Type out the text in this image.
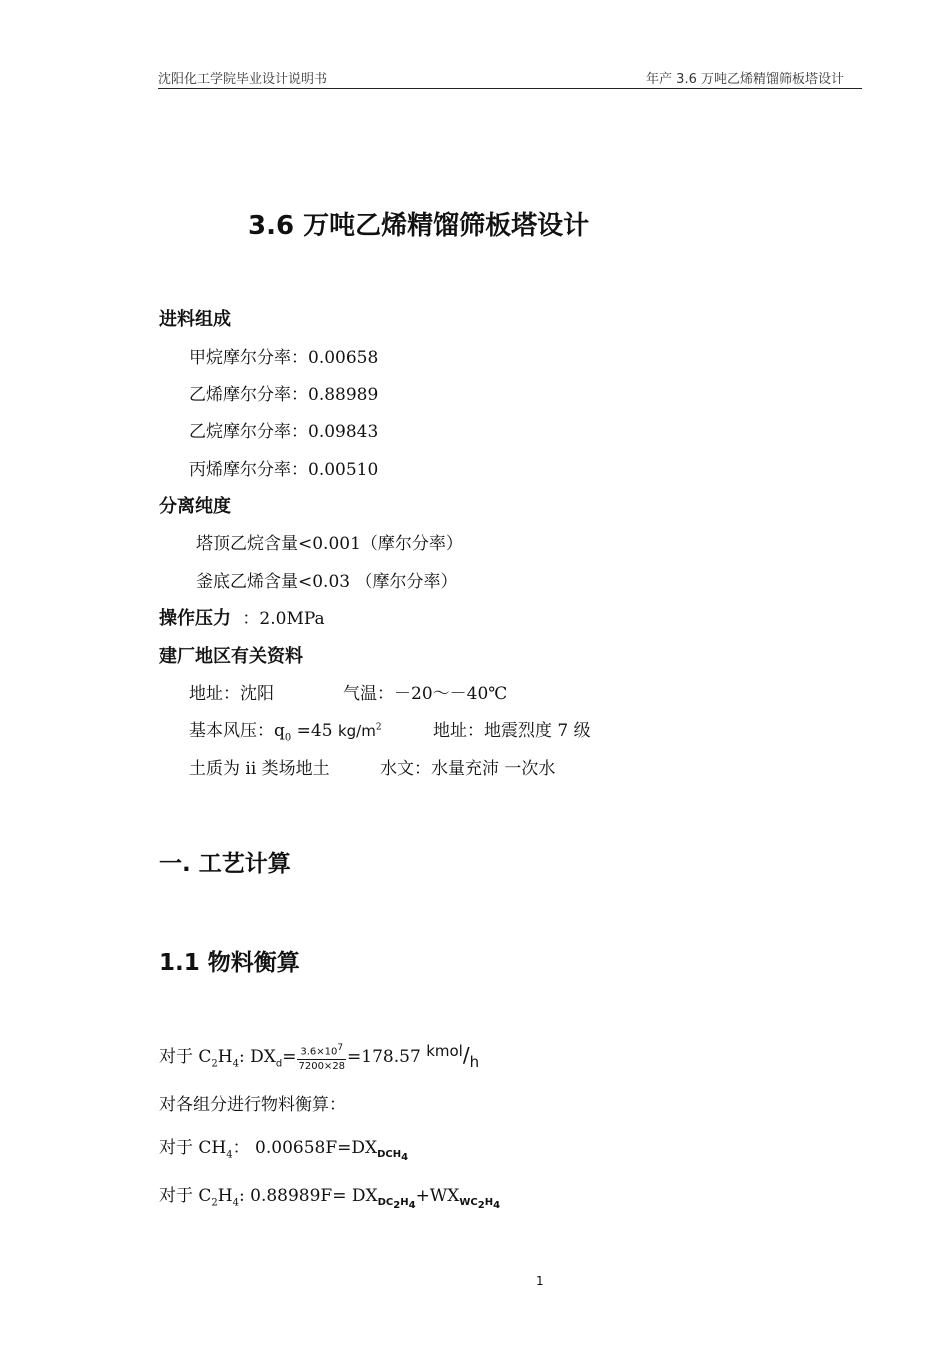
沈阳化工学院毕业设计说明书	年产 3.6 万吨乙烯精馏筛板塔设计
3.6 万吨乙烯精馏筛板塔设计
进料组成
甲烷摩尔分率：0.00658
乙烯摩尔分率：0.88989
乙烷摩尔分率：0.09843
丙烯摩尔分率：0.00510
分离纯度
塔顶乙烷含量<0.001（摩尔分率）
釜底乙烯含量<0.03 （摩尔分率）
操作压力 ：2.0MPa
建厂地区有关资料
地址：沈阳	气温：－20～－40℃
基本风压：$q_0 =45$ $kg/m^2$	地址：地震烈度 7 级
土质为 ii 类场地土	水文：水量充沛 一次水
一. 工艺计算
1.1 物料衡算
对于 $C_2H_4$: $DX_d= \frac{3.6\times 10^7}{7200\times 28} =178.57$ kmol/h
对各组分进行物料衡算：
对于 $CH_4$： $0.00658F=DX_{DCH_4}$
对于 $C_2H_4$: $0.88989F= DX_{DC_2H_4}+WX_{WC_2H_4}$
1
